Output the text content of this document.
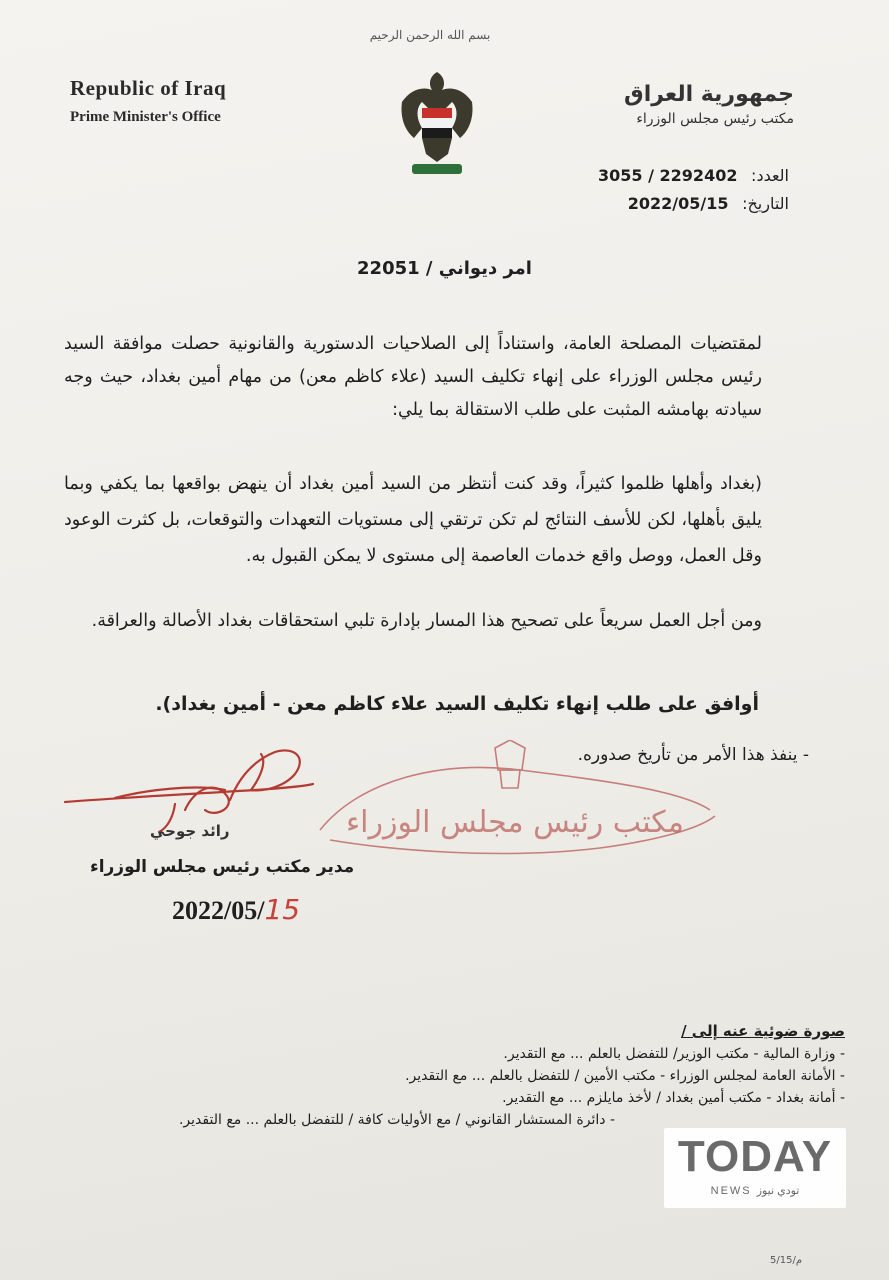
بسم الله الرحمن الرحيم
Republic of Iraq
Prime Minister's Office
جمهورية العراق
مكتب رئيس مجلس الوزراء
العدد: 2292402 / 3055
التاريخ: 2022/05/15
امر ديواني / 22051
لمقتضيات المصلحة العامة، واستناداً إلى الصلاحيات الدستورية والقانونية حصلت موافقة السيد رئيس مجلس الوزراء على إنهاء تكليف السيد (علاء كاظم معن) من مهام أمين بغداد، حيث وجه سيادته بهامشه المثبت على طلب الاستقالة بما يلي:
(بغداد وأهلها ظلموا كثيراً، وقد كنت أنتظر من السيد أمين بغداد أن ينهض بواقعها بما يكفي وبما يليق بأهلها، لكن للأسف النتائج لم تكن ترتقي إلى مستويات التعهدات والتوقعات، بل كثرت الوعود وقل العمل، ووصل واقع خدمات العاصمة إلى مستوى لا يمكن القبول به.
ومن أجل العمل سريعاً على تصحيح هذا المسار بإدارة تلبي استحقاقات بغداد الأصالة والعراقة.
أوافق على طلب إنهاء تكليف السيد علاء كاظم معن - أمين بغداد).
- ينفذ هذا الأمر من تأريخ صدوره.
مكتب رئيس مجلس الوزراء
رائد جوحي
مدير مكتب رئيس مجلس الوزراء
2022/05/15
صورة ضوئية عنه إلى /
- وزارة المالية - مكتب الوزير/ للتفضل بالعلم ... مع التقدير.
- الأمانة العامة لمجلس الوزراء - مكتب الأمين / للتفضل بالعلم ... مع التقدير.
- أمانة بغداد - مكتب أمين بغداد / لأخذ مايلزم ... مع التقدير.
- دائرة المستشار القانوني / مع الأوليات كافة / للتفضل بالعلم ... مع التقدير.
TODAY
NEWS تودي نيوز
5/15/م
